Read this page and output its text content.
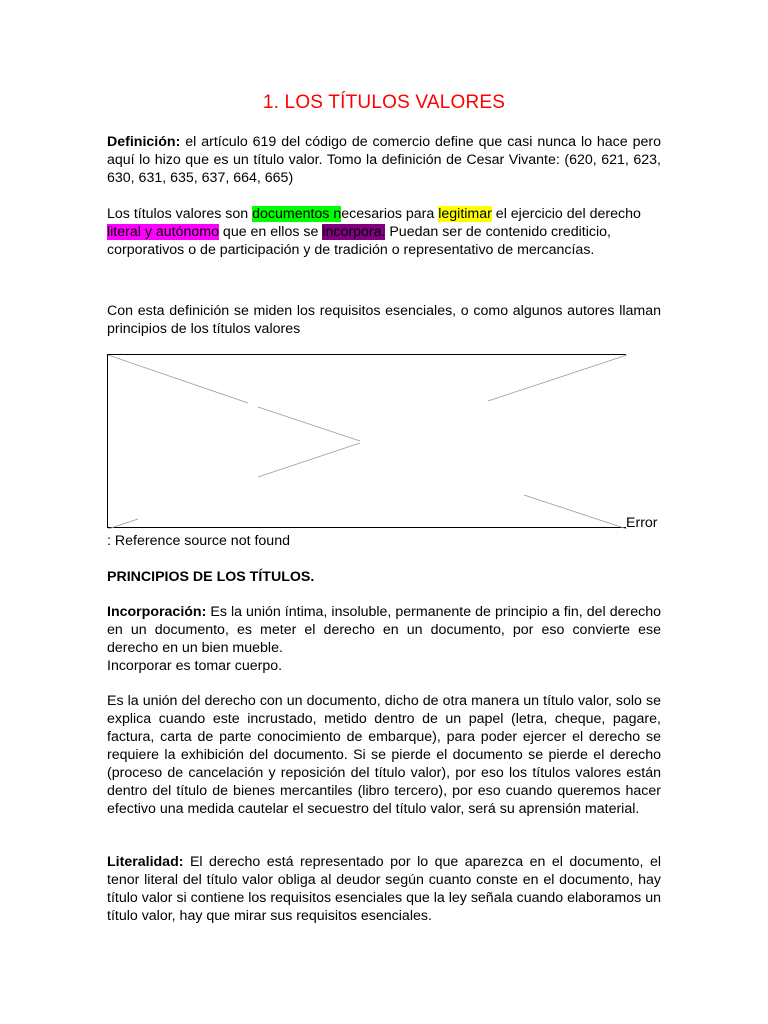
1. LOS TÍTULOS VALORES
Definición: el artículo 619 del código de comercio define que casi nunca lo hace pero aquí lo hizo que es un título valor. Tomo la definición de Cesar Vivante: (620, 621, 623, 630, 631, 635, 637, 664, 665)
Los títulos valores son documentos necesarios para legitimar el ejercicio del derecho literal y autónomo que en ellos se incorpora. Puedan ser de contenido crediticio, corporativos o de participación y de tradición o representativo de mercancías.
Con esta definición se miden los requisitos esenciales, o como algunos autores llaman principios de los títulos valores
Error
: Reference source not found
PRINCIPIOS DE LOS TÍTULOS.
Incorporación: Es la unión íntima, insoluble, permanente de principio a fin, del derecho en un documento, es meter el derecho en un documento, por eso convierte ese derecho en un bien mueble.
Incorporar es tomar cuerpo.
Es la unión del derecho con un documento, dicho de otra manera un título valor, solo se explica cuando este incrustado, metido dentro de un papel (letra, cheque, pagare, factura, carta de parte conocimiento de embarque), para poder ejercer el derecho se requiere la exhibición del documento. Si se pierde el documento se pierde el derecho (proceso de cancelación y reposición del título valor), por eso los títulos valores están dentro del título de bienes mercantiles (libro tercero), por eso cuando queremos hacer efectivo una medida cautelar el secuestro del título valor, será su aprensión material.
Literalidad: El derecho está representado por lo que aparezca en el documento, el tenor literal del título valor obliga al deudor según cuanto conste en el documento, hay título valor si contiene los requisitos esenciales que la ley señala cuando elaboramos un título valor, hay que mirar sus requisitos esenciales.
